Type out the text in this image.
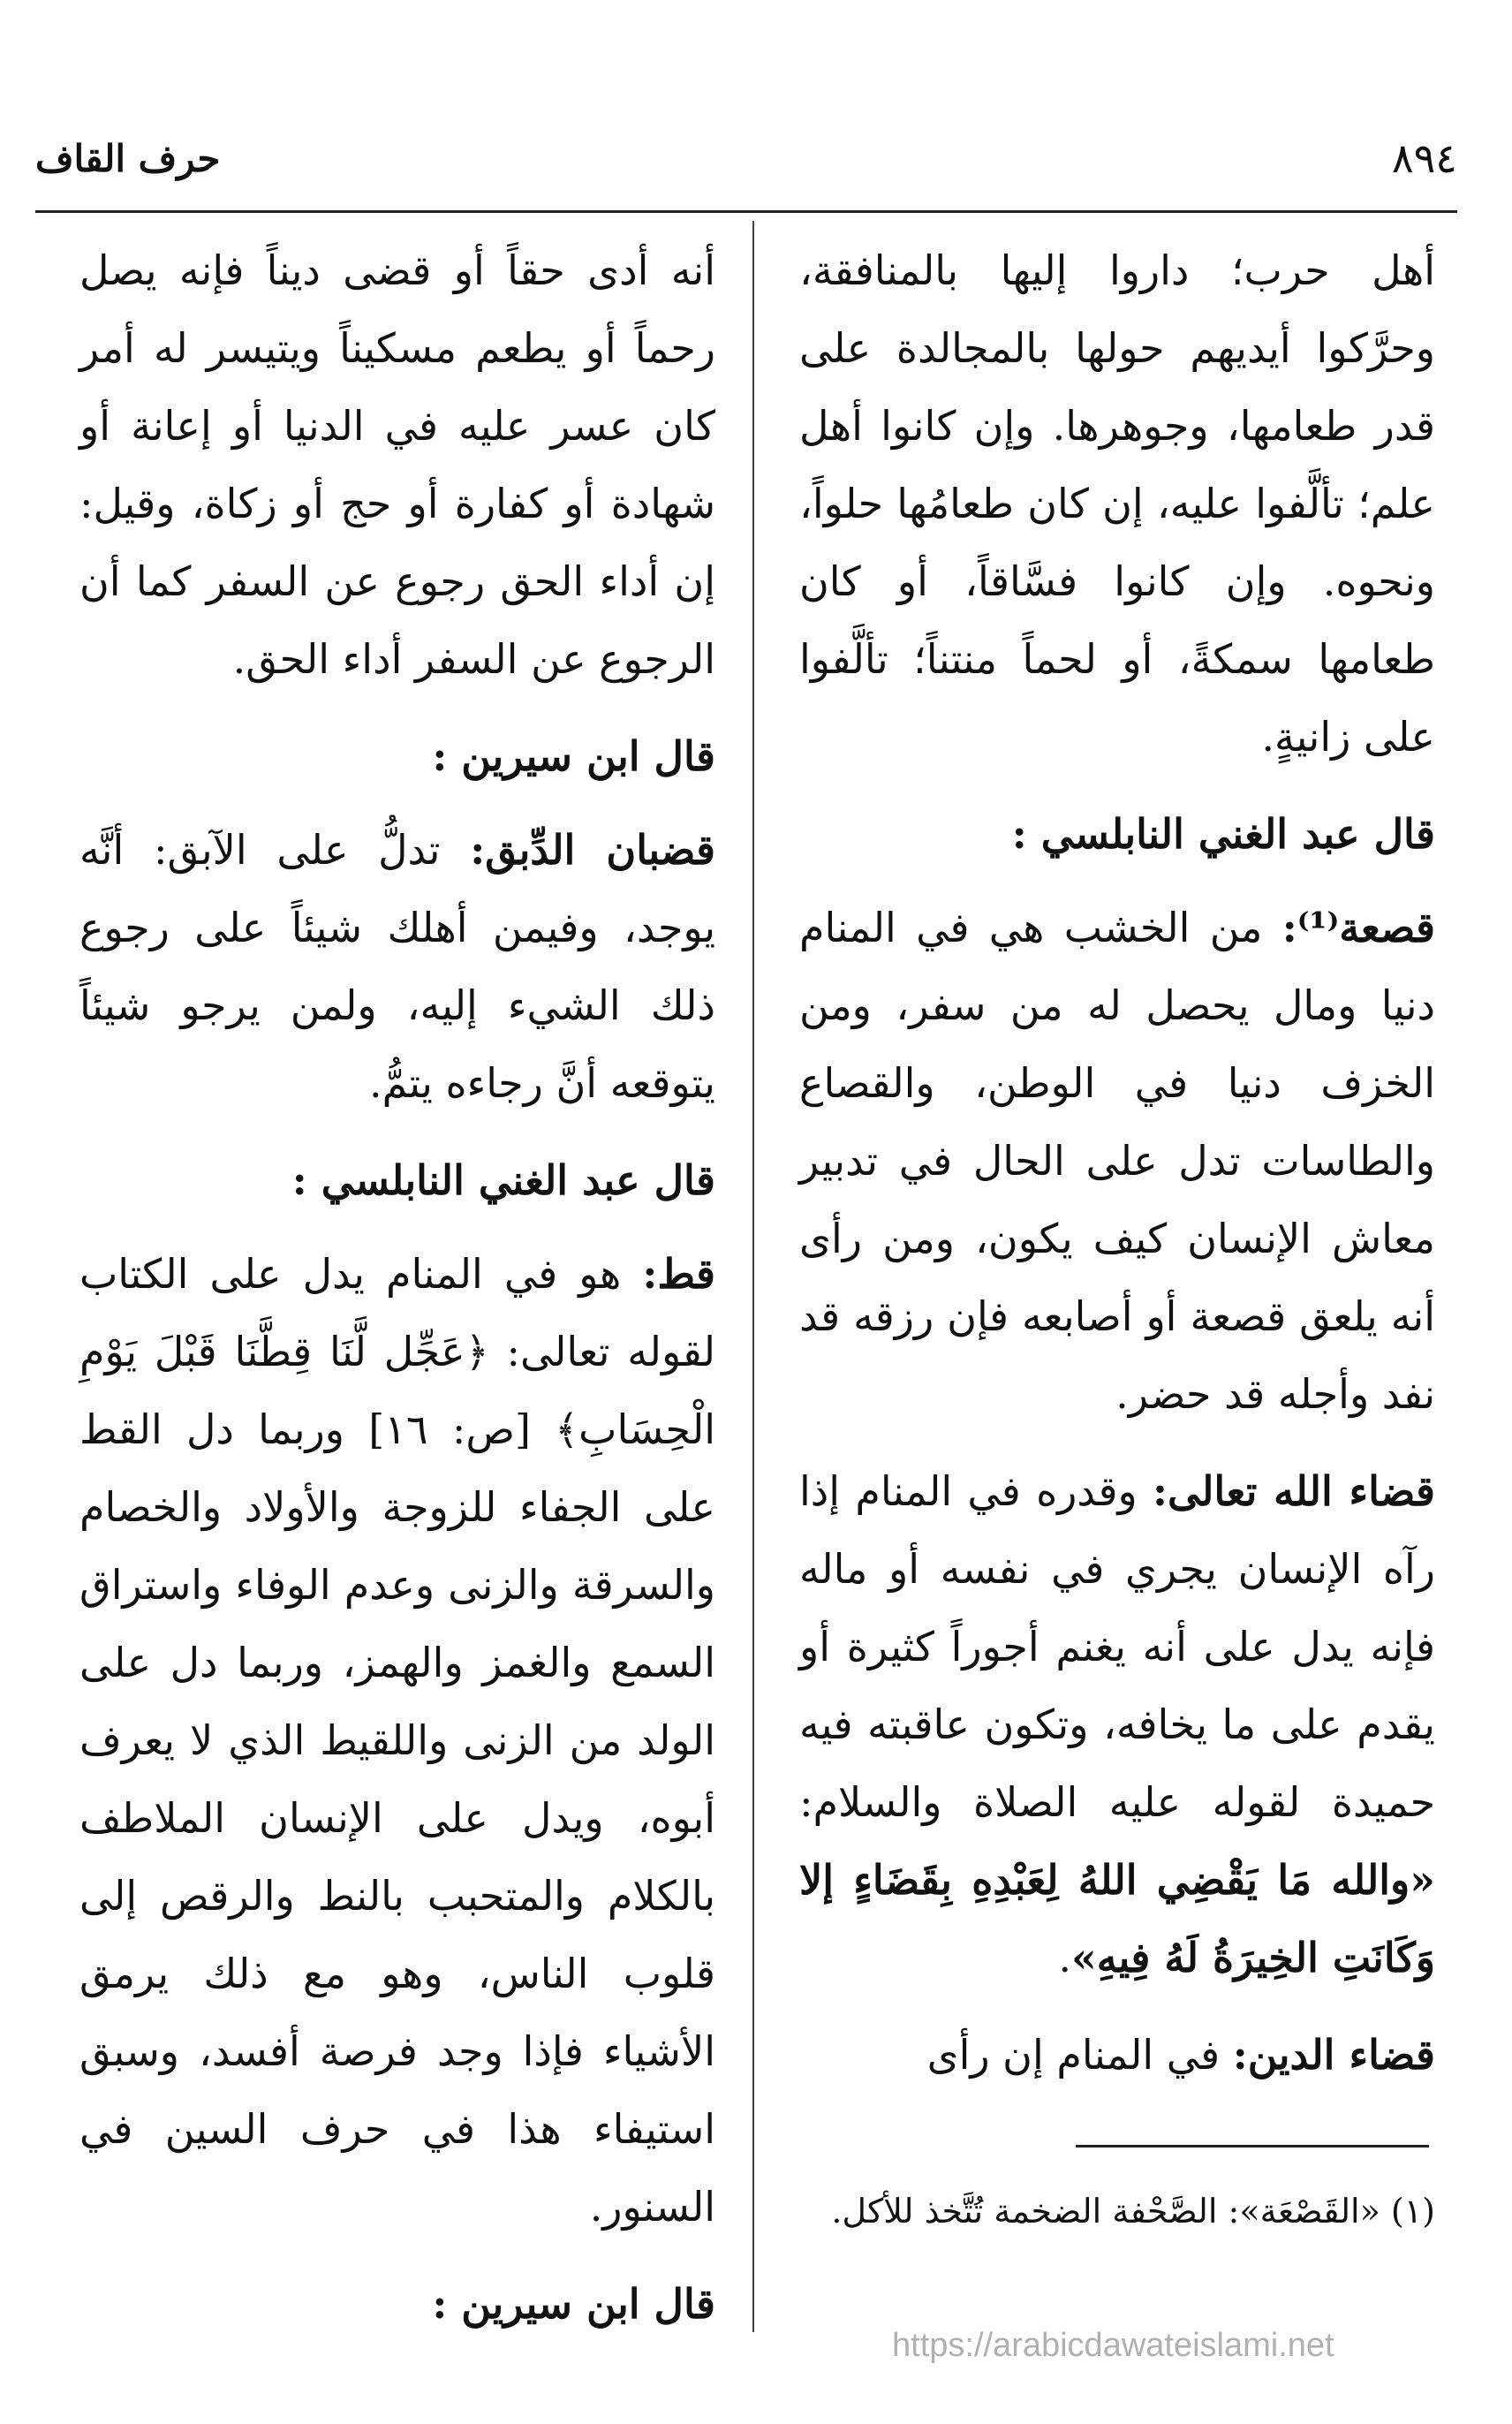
٨٩٤
حرف القاف

أهل حرب؛ داروا إليها بالمنافقة، وحرَّكوا أيديهم حولها بالمجالدة على قدر طعامها، وجوهرها. وإن كانوا أهل علم؛ تألَّفوا عليه، إن كان طعامُها حلواً، ونحوه. وإن كانوا فسَّاقاً، أو كان طعامها سمكةً، أو لحماً منتناً؛ تألَّفوا على زانيةٍ.

قال عبد الغني النابلسي :

قصعة⁽¹⁾: من الخشب هي في المنام دنيا ومال يحصل له من سفر، ومن الخزف دنيا في الوطن، والقصاع والطاسات تدل على الحال في تدبير معاش الإنسان كيف يكون، ومن رأى أنه يلعق قصعة أو أصابعه فإن رزقه قد نفد وأجله قد حضر.

قضاء الله تعالى: وقدره في المنام إذا رآه الإنسان يجري في نفسه أو ماله فإنه يدل على أنه يغنم أجوراً كثيرة أو يقدم على ما يخافه، وتكون عاقبته فيه حميدة لقوله عليه الصلاة والسلام: «والله مَا يَقْضِي اللهُ لِعَبْدِهِ بِقَضَاءٍ إلا وَكَانَتِ الخِيرَةُ لَهُ فِيهِ».

قضاء الدين: في المنام إن رأى

أنه أدى حقاً أو قضى ديناً فإنه يصل رحماً أو يطعم مسكيناً ويتيسر له أمر كان عسر عليه في الدنيا أو إعانة أو شهادة أو كفارة أو حج أو زكاة، وقيل: إن أداء الحق رجوع عن السفر كما أن الرجوع عن السفر أداء الحق.

قال ابن سيرين :

قضبان الدِّبق: تدلُّ على الآبق: أنَّه يوجد، وفيمن أهلك شيئاً على رجوع ذلك الشيء إليه، ولمن يرجو شيئاً يتوقعه أنَّ رجاءه يتمُّ.

قال عبد الغني النابلسي :

قط: هو في المنام يدل على الكتاب لقوله تعالى: ﴿عَجِّل لَّنَا قِطَّنَا قَبْلَ يَوْمِ الْحِسَابِ﴾ [ص: ١٦] وربما دل القط على الجفاء للزوجة والأولاد والخصام والسرقة والزنى وعدم الوفاء واستراق السمع والغمز والهمز، وربما دل على الولد من الزنى واللقيط الذي لا يعرف أبوه، ويدل على الإنسان الملاطف بالكلام والمتحبب بالنط والرقص إلى قلوب الناس، وهو مع ذلك يرمق الأشياء فإذا وجد فرصة أفسد، وسبق استيفاء هذا في حرف السين في السنور.

قال ابن سيرين :

(١) «القَصْعَة»: الصَّحْفة الضخمة تُتَّخذ للأكل.
https://arabicdawateislami.net
